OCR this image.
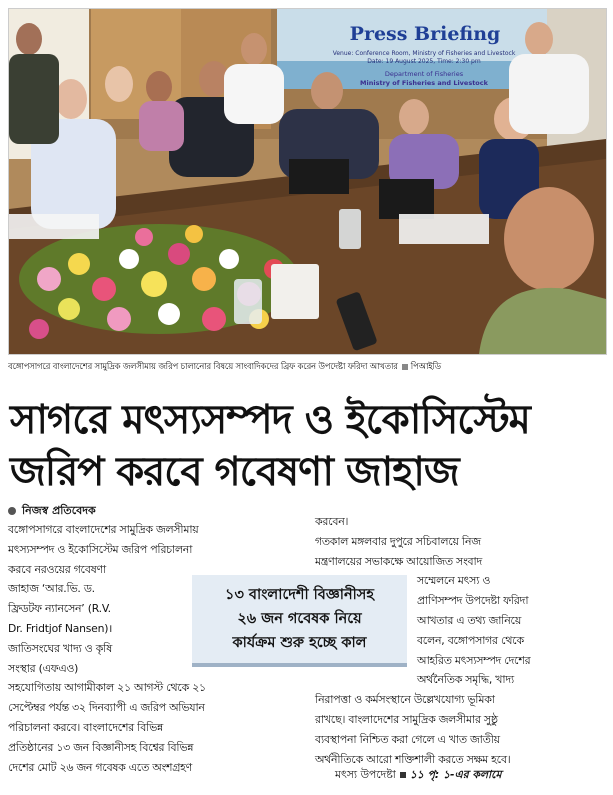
Press Briefing
Venue: Conference Room, Ministry of Fisheries and Livestock
Date: 19 August 2025, Time: 2:30 pm
Department of Fisheries
Ministry of Fisheries and Livestock
বঙ্গোপসাগরে বাংলাদেশের সামুদ্রিক জলসীমায় জরিপ চালানোর বিষয়ে সাংবাদিকদের ব্রিফ করেন উপদেষ্টা ফরিদা আখতার পিআইডি
সাগরে মৎস্যসম্পদ ও ইকোসিস্টেম
জরিপ করবে গবেষণা জাহাজ
নিজস্ব প্রতিবেদক

বঙ্গোপসাগরে বাংলাদেশের সামুদ্রিক জলসীমায়

মৎস্যসম্পদ ও ইকোসিস্টেম জরিপ পরিচালনা

করবে নরওয়ের গবেষণা

জাহাজ ‘আর.ভি. ড.

ফ্রিডটফ ন্যানসেন’ (R.V.

Dr. Fridtjof Nansen)।

জাতিসংঘের খাদ্য ও কৃষি

সংস্থার (এফএও)

সহযোগিতায় আগামীকাল ২১ আগস্ট থেকে ২১

সেপ্টেম্বর পর্যন্ত ৩২ দিনব্যাপী এ জরিপ অভিযান

পরিচালনা করবে। বাংলাদেশের বিভিন্ন

প্রতিষ্ঠানের ১৩ জন বিজ্ঞানীসহ বিশ্বের বিভিন্ন

দেশের মোট ২৬ জন গবেষক এতে অংশগ্রহণ

করবেন।

গতকাল মঙ্গলবার দুপুরে সচিবালয়ে নিজ

মন্ত্রণালয়ের সভাকক্ষে আয়োজিত সংবাদ

সম্মেলনে মৎস্য ও

প্রাণিসম্পদ উপদেষ্টা ফরিদা

আখতার এ তথ্য জানিয়ে

বলেন, বঙ্গোপসাগর থেকে

আহরিত মৎস্যসম্পদ দেশের

অর্থনৈতিক সমৃদ্ধি, খাদ্য

নিরাপত্তা ও কর্মসংস্থানে উল্লেখযোগ্য ভূমিকা

রাখছে। বাংলাদেশের সামুদ্রিক জলসীমার সুষ্ঠু

ব্যবস্থাপনা নিশ্চিত করা গেলে এ খাত জাতীয়

অর্থনীতিকে আরো শক্তিশালী করতে সক্ষম হবে।

মৎস্য উপদেষ্টা ১১ পৃ: ১-এর কলামে
১৩ বাংলাদেশী বিজ্ঞানীসহ
২৬ জন গবেষক নিয়ে
কার্যক্রম শুরু হচ্ছে কাল
